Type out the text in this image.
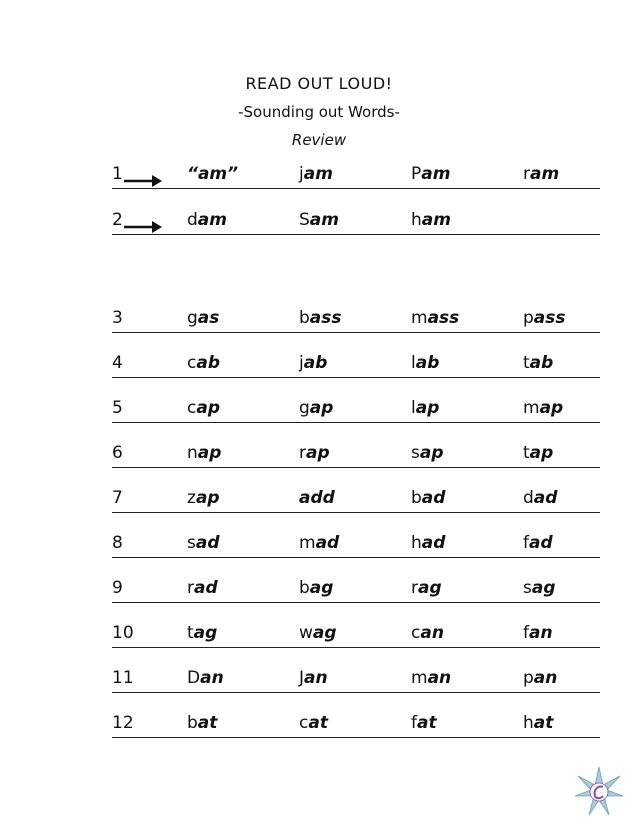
READ OUT LOUD!
-Sounding out Words-
Review
1	“am”	jam	Pam	ram
2	dam	Sam	ham
3	gas	bass	mass	pass
4	cab	jab	lab	tab
5	cap	gap	lap	map
6	nap	rap	sap	tap
7	zap	add	bad	dad
8	sad	mad	had	fad
9	rad	bag	rag	sag
10	tag	wag	can	fan
11	Dan	Jan	man	pan
12	bat	cat	fat	hat
